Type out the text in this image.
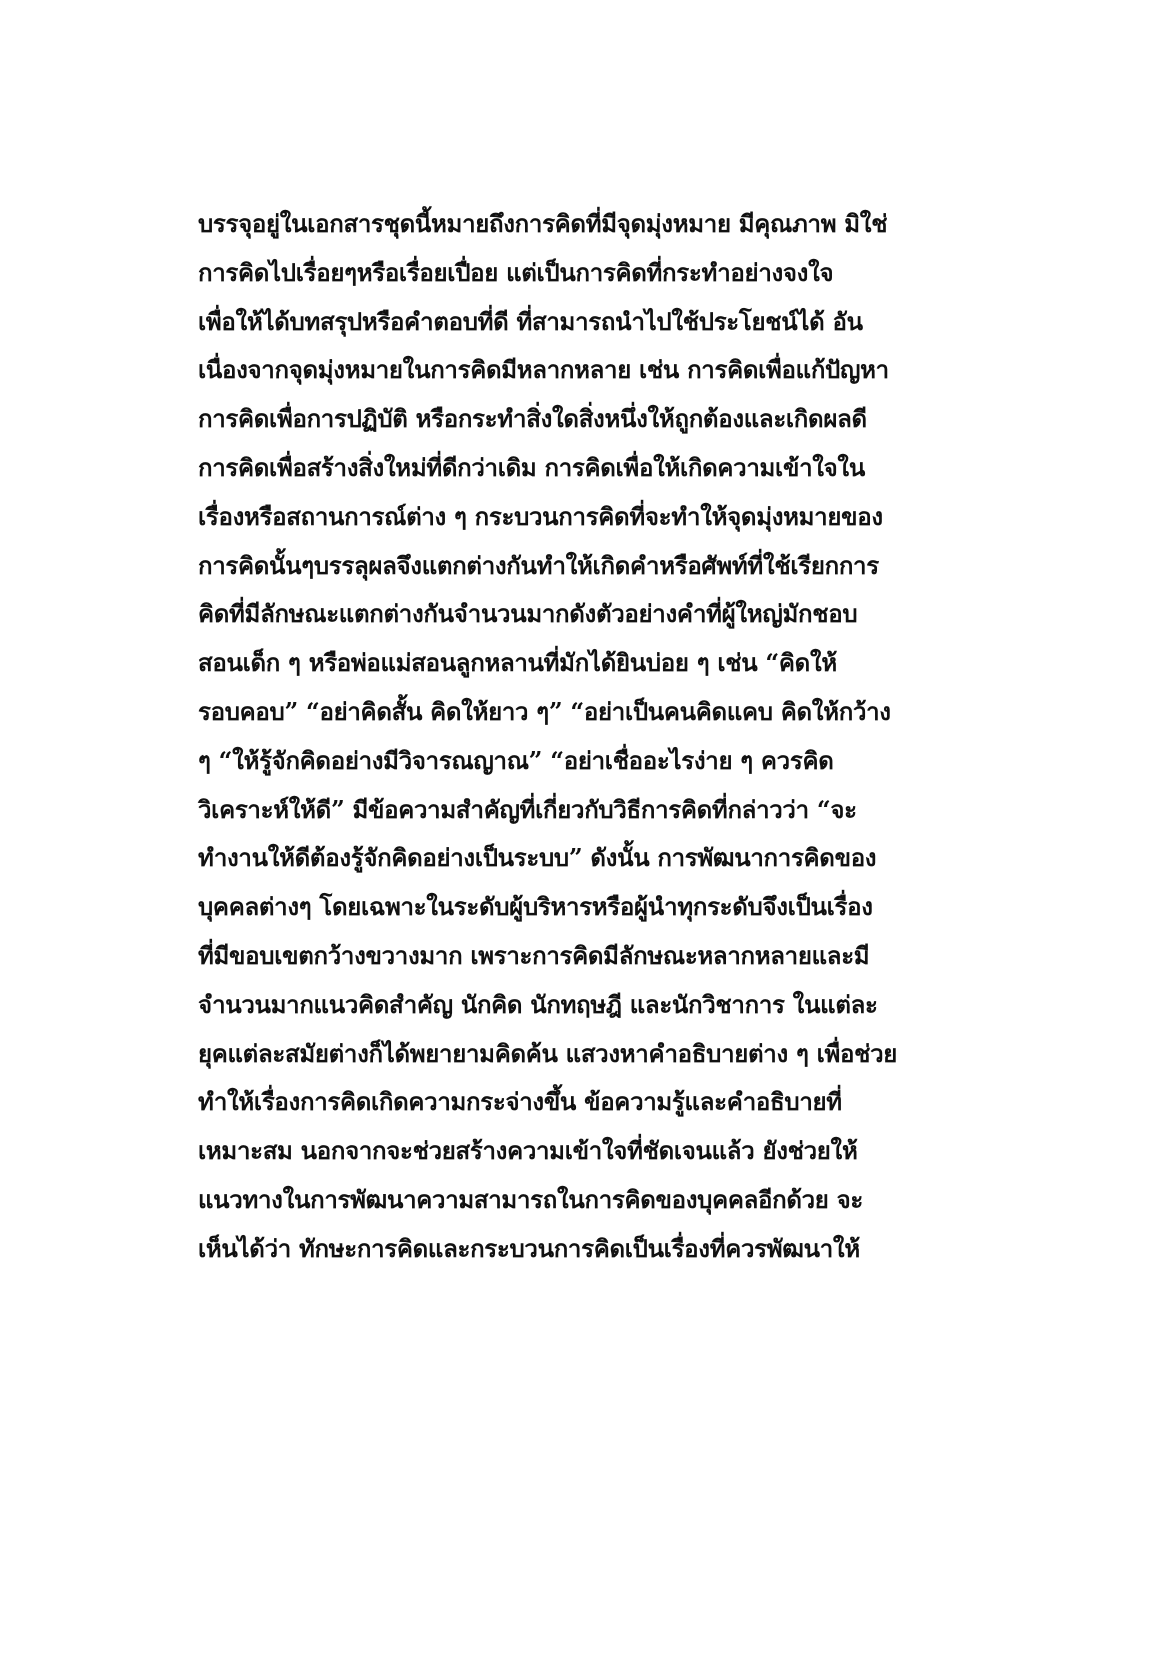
บรรจุอยู่ในเอกสารชุดนี้หมายถึงการคิดที่มีจุดมุ่งหมาย มีคุณภาพ มิใช่
การคิดไปเรื่อยๆหรือเรื่อยเปื่อย แต่เป็นการคิดที่กระทำอย่างจงใจ
เพื่อให้ได้บทสรุปหรือคำตอบที่ดี ที่สามารถนำไปใช้ประโยชน์ได้ อัน
เนื่องจากจุดมุ่งหมายในการคิดมีหลากหลาย เช่น การคิดเพื่อแก้ปัญหา
การคิดเพื่อการปฏิบัติ หรือกระทำสิ่งใดสิ่งหนึ่งให้ถูกต้องและเกิดผลดี
การคิดเพื่อสร้างสิ่งใหม่ที่ดีกว่าเดิม การคิดเพื่อให้เกิดความเข้าใจใน
เรื่องหรือสถานการณ์ต่าง ๆ กระบวนการคิดที่จะทำให้จุดมุ่งหมายของ
การคิดนั้นๆบรรลุผลจึงแตกต่างกันทำให้เกิดคำหรือศัพท์ที่ใช้เรียกการ
คิดที่มีลักษณะแตกต่างกันจำนวนมากดังตัวอย่างคำที่ผู้ใหญ่มักชอบ
สอนเด็ก ๆ หรือพ่อแม่สอนลูกหลานที่มักได้ยินบ่อย ๆ เช่น “คิดให้
รอบคอบ” “อย่าคิดสั้น คิดให้ยาว ๆ” “อย่าเป็นคนคิดแคบ คิดให้กว้าง
ๆ “ให้รู้จักคิดอย่างมีวิจารณญาณ” “อย่าเชื่ออะไรง่าย ๆ ควรคิด
วิเคราะห์ให้ดี” มีข้อความสำคัญที่เกี่ยวกับวิธีการคิดที่กล่าวว่า “จะ
ทำงานให้ดีต้องรู้จักคิดอย่างเป็นระบบ” ดังนั้น การพัฒนาการคิดของ
บุคคลต่างๆ โดยเฉพาะในระดับผู้บริหารหรือผู้นำทุกระดับจึงเป็นเรื่อง
ที่มีขอบเขตกว้างขวางมาก เพราะการคิดมีลักษณะหลากหลายและมี
จำนวนมากแนวคิดสำคัญ นักคิด นักทฤษฎี และนักวิชาการ ในแต่ละ
ยุคแต่ละสมัยต่างก็ได้พยายามคิดค้น แสวงหาคำอธิบายต่าง ๆ เพื่อช่วย
ทำให้เรื่องการคิดเกิดความกระจ่างขึ้น ข้อความรู้และคำอธิบายที่
เหมาะสม นอกจากจะช่วยสร้างความเข้าใจที่ชัดเจนแล้ว ยังช่วยให้
แนวทางในการพัฒนาความสามารถในการคิดของบุคคลอีกด้วย จะ
เห็นได้ว่า ทักษะการคิดและกระบวนการคิดเป็นเรื่องที่ควรพัฒนาให้
